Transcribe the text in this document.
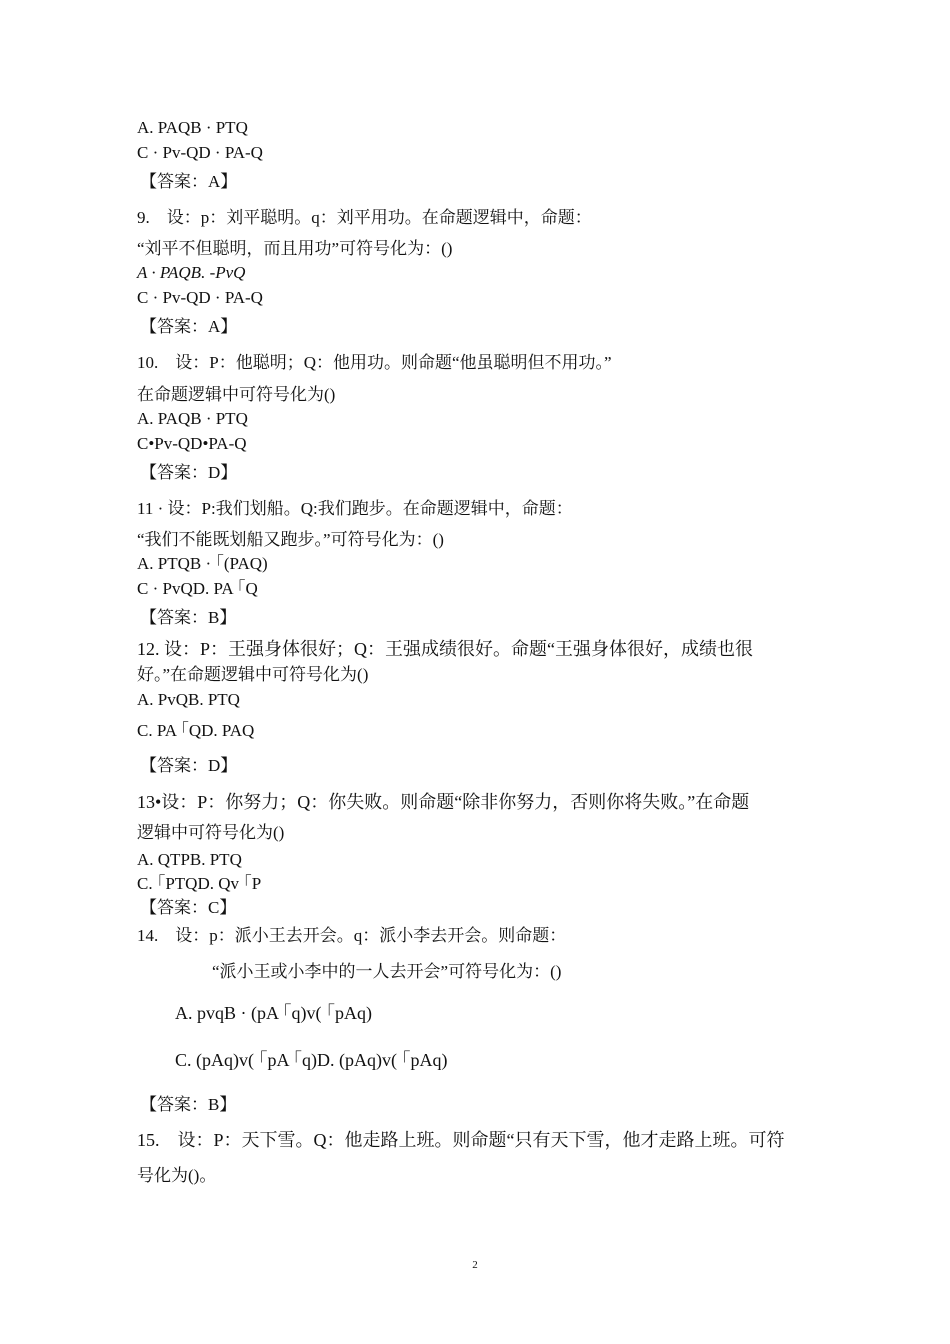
A. PAQB · PTQ
C · Pv-QD · PA-Q
【答案：A】
9.　设：p：刘平聪明。q：刘平用功。在命题逻辑中，命题：
“刘平不但聪明，而且用功”可符号化为：()
A · PAQB. -PvQ
C · Pv-QD · PA-Q
【答案：A】
10.　设：P：他聪明；Q：他用功。则命题“他虽聪明但不用功。”
在命题逻辑中可符号化为()
A. PAQB · PTQ
C•Pv-QD•PA-Q
【答案：D】
11 · 设：P:我们划船。Q:我们跑步。在命题逻辑中，命题：
“我们不能既划船又跑步。”可符号化为：()
A. PTQB · ｢(PAQ)
C · PvQD. PA ｢Q
【答案：B】
12. 设：P：王强身体很好；Q：王强成绩很好。命题“王强身体很好，成绩也很
好。”在命题逻辑中可符号化为()
A. PvQB. PTQ
C. PA ｢QD. PAQ
【答案：D】
13•设：P：你努力；Q：你失败。则命题“除非你努力，否则你将失败。”在命题
逻辑中可符号化为()
A. QTPB. PTQ
C. ｢PTQD. Qv ｢P
【答案：C】
14.　设：p：派小王去开会。q：派小李去开会。则命题：
“派小王或小李中的一人去开会”可符号化为：()
A. pvqB · (pA ｢q)v( ｢pAq)
C. (pAq)v( ｢pA ｢q)D. (pAq)v( ｢pAq)
【答案：B】
15.　设：P：天下雪。Q：他走路上班。则命题“只有天下雪，他才走路上班。可符
号化为()。
2
